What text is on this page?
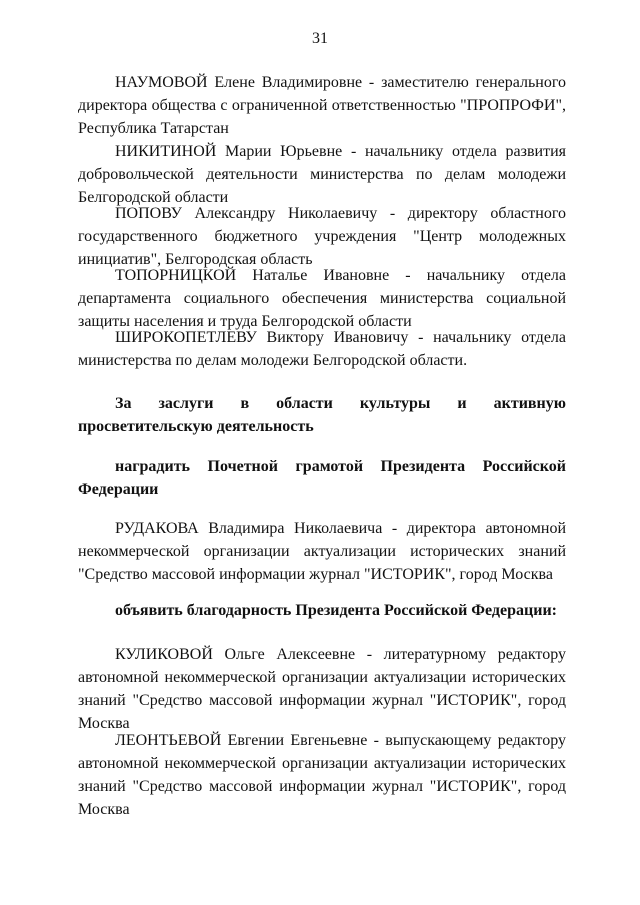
31

НАУМОВОЙ Елене Владимировне - заместителю генерального директора общества с ограниченной ответственностью "ПРОПРОФИ", Республика Татарстан

НИКИТИНОЙ Марии Юрьевне - начальнику отдела развития добровольческой деятельности министерства по делам молодежи Белгородской области

ПОПОВУ Александру Николаевичу - директору областного государственного бюджетного учреждения "Центр молодежных инициатив", Белгородская область

ТОПОРНИЦКОЙ Наталье Ивановне - начальнику отдела департамента социального обеспечения министерства социальной защиты населения и труда Белгородской области

ШИРОКОПЕТЛЕВУ Виктору Ивановичу - начальнику отдела министерства по делам молодежи Белгородской области.

За заслуги в области культуры и активную просветительскую деятельность

наградить Почетной грамотой Президента Российской Федерации

РУДАКОВА Владимира Николаевича - директора автономной некоммерческой организации актуализации исторических знаний "Средство массовой информации журнал "ИСТОРИК", город Москва

объявить благодарность Президента Российской Федерации:

КУЛИКОВОЙ Ольге Алексеевне - литературному редактору автономной некоммерческой организации актуализации исторических знаний "Средство массовой информации журнал "ИСТОРИК", город Москва

ЛЕОНТЬЕВОЙ Евгении Евгеньевне - выпускающему редактору автономной некоммерческой организации актуализации исторических знаний "Средство массовой информации журнал "ИСТОРИК", город Москва
